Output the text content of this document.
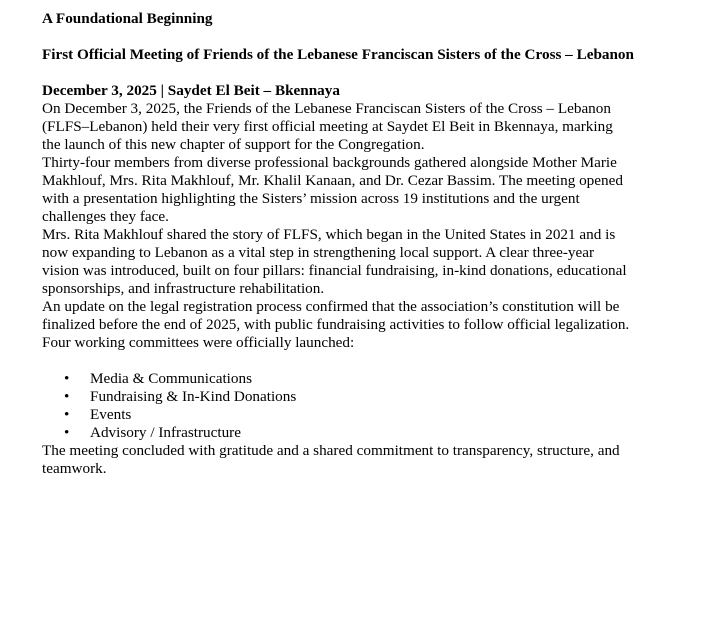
A Foundational Beginning

First Official Meeting of Friends of the Lebanese Franciscan Sisters of the Cross – Lebanon

December 3, 2025 | Saydet El Beit – Bkennaya

On December 3, 2025, the Friends of the Lebanese Franciscan Sisters of the Cross – Lebanon
(FLFS–Lebanon) held their very first official meeting at Saydet El Beit in Bkennaya, marking
the launch of this new chapter of support for the Congregation.
Thirty-four members from diverse professional backgrounds gathered alongside Mother Marie
Makhlouf, Mrs. Rita Makhlouf, Mr. Khalil Kanaan, and Dr. Cezar Bassim. The meeting opened
with a presentation highlighting the Sisters’ mission across 19 institutions and the urgent
challenges they face.
Mrs. Rita Makhlouf shared the story of FLFS, which began in the United States in 2021 and is
now expanding to Lebanon as a vital step in strengthening local support. A clear three-year
vision was introduced, built on four pillars: financial fundraising, in-kind donations, educational
sponsorships, and infrastructure rehabilitation.
An update on the legal registration process confirmed that the association’s constitution will be
finalized before the end of 2025, with public fundraising activities to follow official legalization.
Four working committees were officially launched:
• Media & Communications
• Fundraising & In-Kind Donations
• Events
• Advisory / Infrastructure
The meeting concluded with gratitude and a shared commitment to transparency, structure, and
teamwork.
